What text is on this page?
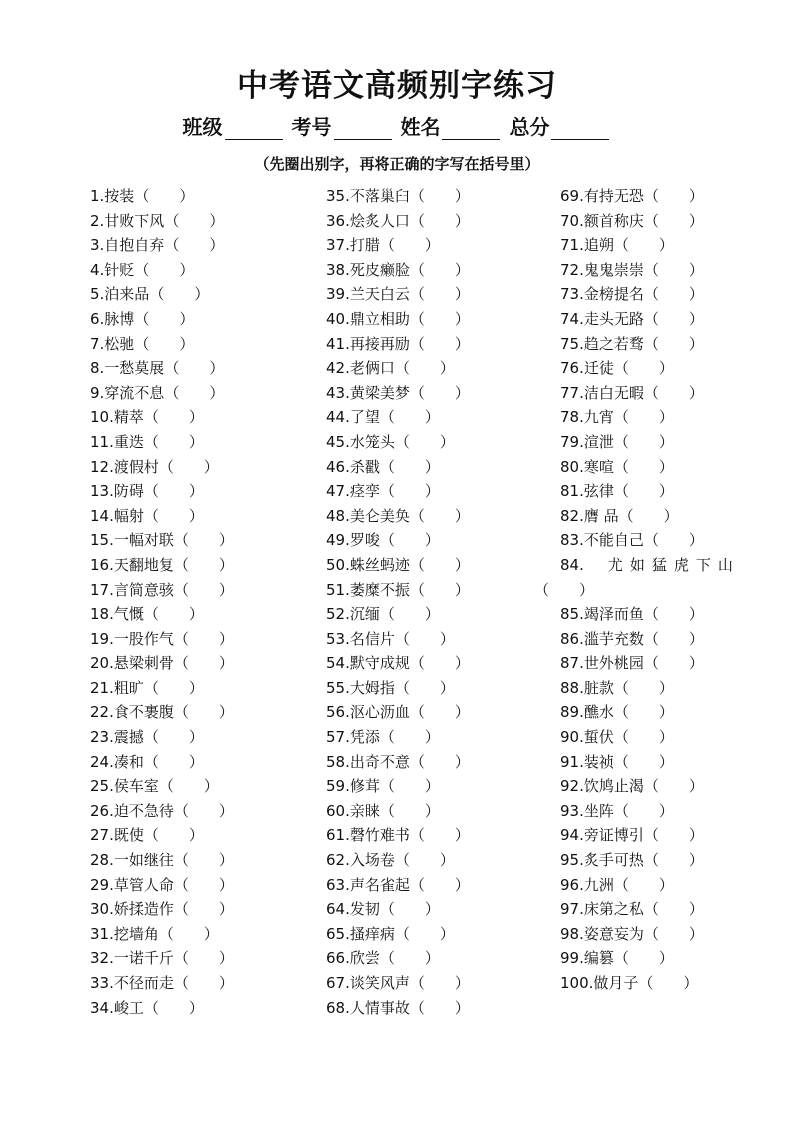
中考语文高频别字练习
班级	考号	姓名	总分
（先圈出别字，再将正确的字写在括号里）
1.按装（　　）
2.甘败下风（　　）
3.自抱自弃（　　）
4.针贬（　　）
5.泊来品（　　）
6.脉博（　　）
7.松驰（　　）
8.一愁莫展（　　）
9.穿流不息（　　）
10.精萃（　　）
11.重迭（　　）
12.渡假村（　　）
13.防碍（　　）
14.幅射（　　）
15.一幅对联（　　）
16.天翻地复（　　）
17.言简意骇（　　）
18.气慨（　　）
19.一股作气（　　）
20.悬梁刺骨（　　）
21.粗旷（　　）
22.食不裹腹（　　）
23.震撼（　　）
24.凑和（　　）
25.侯车室（　　）
26.迫不急待（　　）
27.既使（　　）
28.一如继往（　　）
29.草管人命（　　）
30.娇揉造作（　　）
31.挖墙角（　　）
32.一诺千斤（　　）
33.不径而走（　　）
34.峻工（　　）
35.不落巢臼（　　）
36.烩炙人口（　　）
37.打腊（　　）
38.死皮癞脸（　　）
39.兰天白云（　　）
40.鼎立相助（　　）
41.再接再励（　　）
42.老俩口（　　）
43.黄梁美梦（　　）
44.了望（　　）
45.水笼头（　　）
46.杀戳（　　）
47.痉孪（　　）
48.美仑美奂（　　）
49.罗唆（　　）
50.蛛丝蚂迹（　　）
51.萎糜不振（　　）
52.沉缅（　　）
53.名信片（　　）
54.默守成规（　　）
55.大姆指（　　）
56.沤心沥血（　　）
57.凭添（　　）
58.出奇不意（　　）
59.修茸（　　）
60.亲睐（　　）
61.磬竹难书（　　）
62.入场卷（　　）
63.声名雀起（　　）
64.发韧（　　）
65.搔痒病（　　）
66.欣尝（　　）
67.谈笑风声（　　）
68.人情事故（　　）
69.有持无恐（　　）
70.额首称庆（　　）
71.追朔（　　）
72.鬼鬼崇崇（　　）
73.金榜提名（　　）
74.走头无路（　　）
75.趋之若骛（　　）
76.迁徒（　　）
77.洁白无暇（　　）
78.九宵（　　）
79.渲泄（　　）
80.寒喧（　　）
81.弦律（　　）
82.膺 品（　　）
83.不能自己（　　）
84. 尤如猛虎下山
（　　）
85.竭泽而鱼（　　）
86.滥芋充数（　　）
87.世外桃园（　　）
88.脏款（　　）
89.醮水（　　）
90.蜇伏（　　）
91.装祯（　　）
92.饮鸠止渴（　　）
93.坐阵（　　）
94.旁证博引（　　）
95.炙手可热（　　）
96.九洲（　　）
97.床第之私（　　）
98.姿意妄为（　　）
99.编篡（　　）
100.做月子（　　）
